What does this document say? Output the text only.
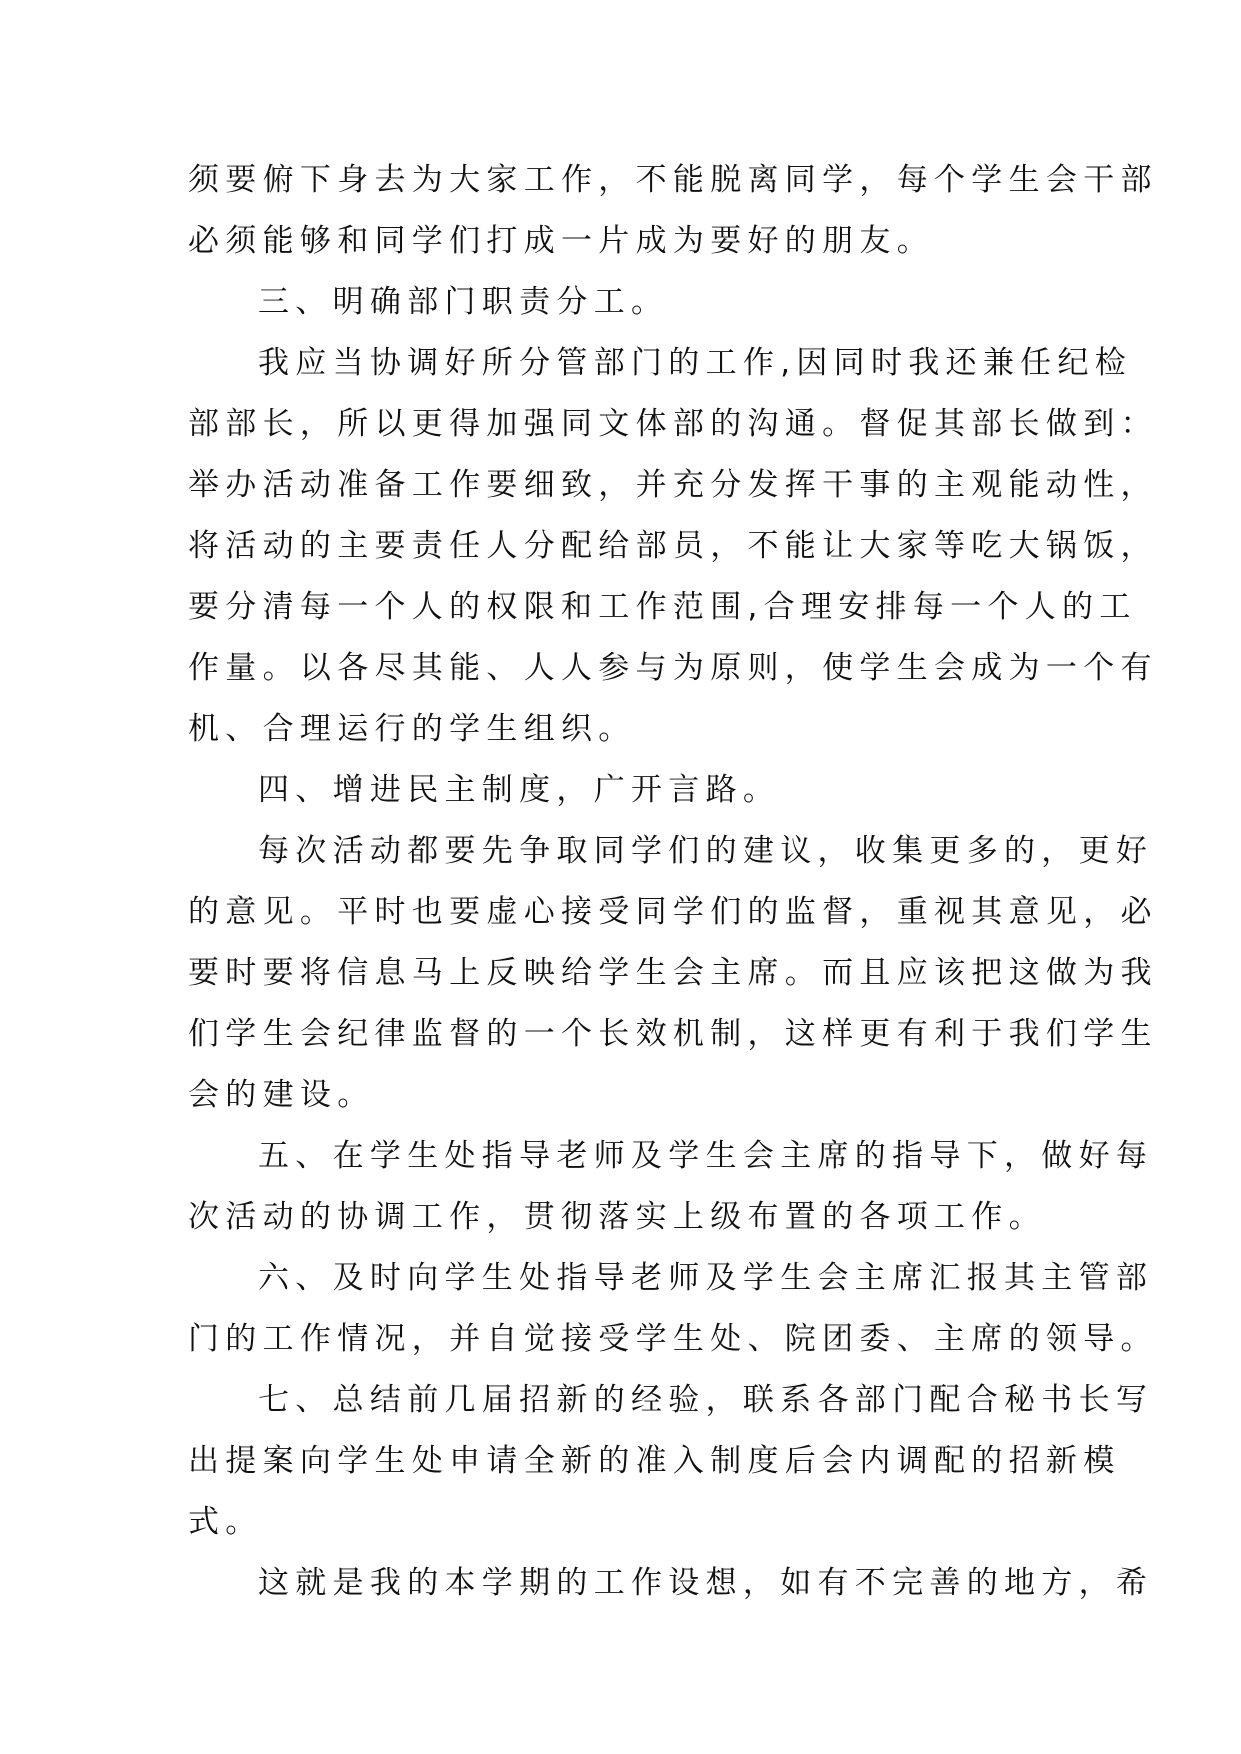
须要俯下身去为大家工作，不能脱离同学，每个学生会干部
必须能够和同学们打成一片成为要好的朋友。
三、明确部门职责分工。
我应当协调好所分管部门的工作,因同时我还兼任纪检
部部长，所以更得加强同文体部的沟通。督促其部长做到：
举办活动准备工作要细致，并充分发挥干事的主观能动性，
将活动的主要责任人分配给部员，不能让大家等吃大锅饭，
要分清每一个人的权限和工作范围,合理安排每一个人的工
作量。以各尽其能、人人参与为原则，使学生会成为一个有
机、合理运行的学生组织。
四、增进民主制度，广开言路。
每次活动都要先争取同学们的建议，收集更多的，更好
的意见。平时也要虚心接受同学们的监督，重视其意见，必
要时要将信息马上反映给学生会主席。而且应该把这做为我
们学生会纪律监督的一个长效机制，这样更有利于我们学生
会的建设。
五、在学生处指导老师及学生会主席的指导下，做好每
次活动的协调工作，贯彻落实上级布置的各项工作。
六、及时向学生处指导老师及学生会主席汇报其主管部
门的工作情况，并自觉接受学生处、院团委、主席的领导。
七、总结前几届招新的经验，联系各部门配合秘书长写
出提案向学生处申请全新的准入制度后会内调配的招新模
式。
这就是我的本学期的工作设想，如有不完善的地方，希
